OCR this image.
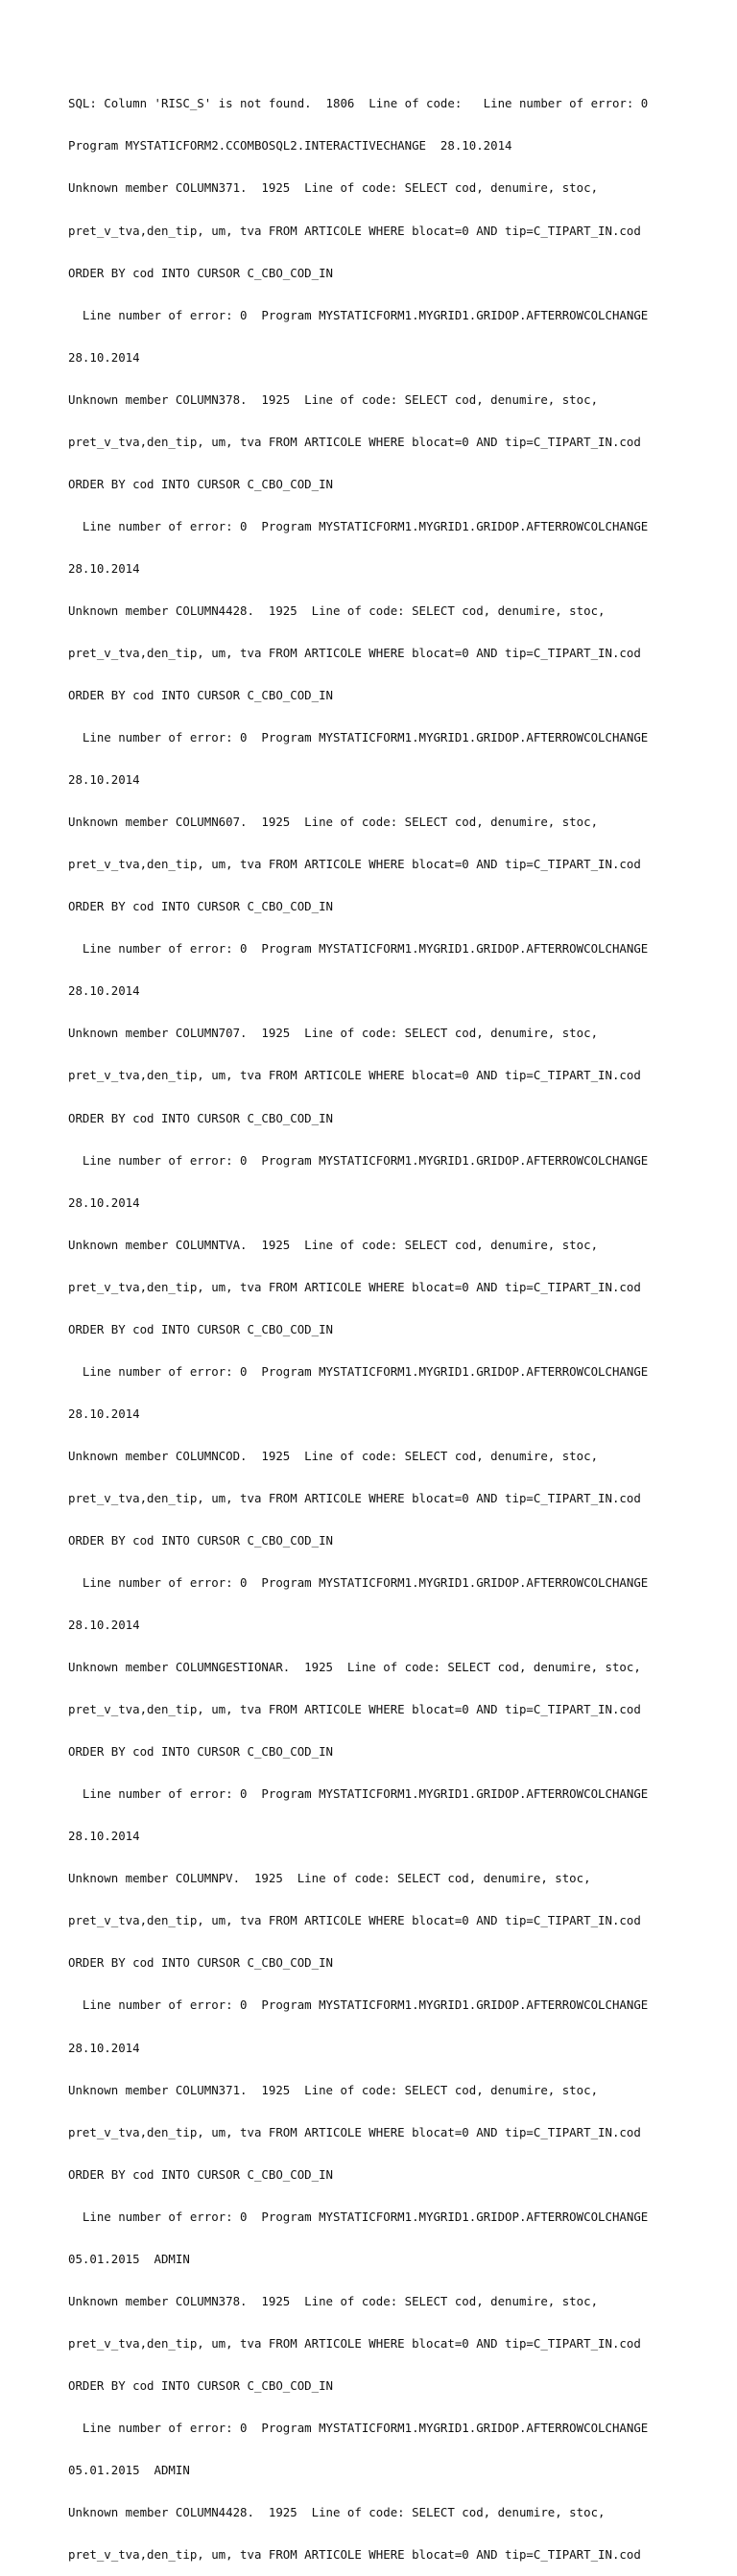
SQL: Column 'RISC_S' is not found.  1806  Line of code:   Line number of error: 0

Program MYSTATICFORM2.CCOMBOSQL2.INTERACTIVECHANGE  28.10.2014

Unknown member COLUMN371.  1925  Line of code: SELECT cod, denumire, stoc,

pret_v_tva,den_tip, um, tva FROM ARTICOLE WHERE blocat=0 AND tip=C_TIPART_IN.cod

ORDER BY cod INTO CURSOR C_CBO_COD_IN

Line number of error: 0  Program MYSTATICFORM1.MYGRID1.GRIDOP.AFTERROWCOLCHANGE

28.10.2014

Unknown member COLUMN378.  1925  Line of code: SELECT cod, denumire, stoc,

pret_v_tva,den_tip, um, tva FROM ARTICOLE WHERE blocat=0 AND tip=C_TIPART_IN.cod

ORDER BY cod INTO CURSOR C_CBO_COD_IN

Line number of error: 0  Program MYSTATICFORM1.MYGRID1.GRIDOP.AFTERROWCOLCHANGE

28.10.2014

Unknown member COLUMN4428.  1925  Line of code: SELECT cod, denumire, stoc,

pret_v_tva,den_tip, um, tva FROM ARTICOLE WHERE blocat=0 AND tip=C_TIPART_IN.cod

ORDER BY cod INTO CURSOR C_CBO_COD_IN

Line number of error: 0  Program MYSTATICFORM1.MYGRID1.GRIDOP.AFTERROWCOLCHANGE

28.10.2014

Unknown member COLUMN607.  1925  Line of code: SELECT cod, denumire, stoc,

pret_v_tva,den_tip, um, tva FROM ARTICOLE WHERE blocat=0 AND tip=C_TIPART_IN.cod

ORDER BY cod INTO CURSOR C_CBO_COD_IN

Line number of error: 0  Program MYSTATICFORM1.MYGRID1.GRIDOP.AFTERROWCOLCHANGE

28.10.2014

Unknown member COLUMN707.  1925  Line of code: SELECT cod, denumire, stoc,

pret_v_tva,den_tip, um, tva FROM ARTICOLE WHERE blocat=0 AND tip=C_TIPART_IN.cod

ORDER BY cod INTO CURSOR C_CBO_COD_IN

Line number of error: 0  Program MYSTATICFORM1.MYGRID1.GRIDOP.AFTERROWCOLCHANGE

28.10.2014

Unknown member COLUMNTVA.  1925  Line of code: SELECT cod, denumire, stoc,

pret_v_tva,den_tip, um, tva FROM ARTICOLE WHERE blocat=0 AND tip=C_TIPART_IN.cod

ORDER BY cod INTO CURSOR C_CBO_COD_IN

Line number of error: 0  Program MYSTATICFORM1.MYGRID1.GRIDOP.AFTERROWCOLCHANGE

28.10.2014

Unknown member COLUMNCOD.  1925  Line of code: SELECT cod, denumire, stoc,

pret_v_tva,den_tip, um, tva FROM ARTICOLE WHERE blocat=0 AND tip=C_TIPART_IN.cod

ORDER BY cod INTO CURSOR C_CBO_COD_IN

Line number of error: 0  Program MYSTATICFORM1.MYGRID1.GRIDOP.AFTERROWCOLCHANGE

28.10.2014

Unknown member COLUMNGESTIONAR.  1925  Line of code: SELECT cod, denumire, stoc,

pret_v_tva,den_tip, um, tva FROM ARTICOLE WHERE blocat=0 AND tip=C_TIPART_IN.cod

ORDER BY cod INTO CURSOR C_CBO_COD_IN

Line number of error: 0  Program MYSTATICFORM1.MYGRID1.GRIDOP.AFTERROWCOLCHANGE

28.10.2014

Unknown member COLUMNPV.  1925  Line of code: SELECT cod, denumire, stoc,

pret_v_tva,den_tip, um, tva FROM ARTICOLE WHERE blocat=0 AND tip=C_TIPART_IN.cod

ORDER BY cod INTO CURSOR C_CBO_COD_IN

Line number of error: 0  Program MYSTATICFORM1.MYGRID1.GRIDOP.AFTERROWCOLCHANGE

28.10.2014

Unknown member COLUMN371.  1925  Line of code: SELECT cod, denumire, stoc,

pret_v_tva,den_tip, um, tva FROM ARTICOLE WHERE blocat=0 AND tip=C_TIPART_IN.cod

ORDER BY cod INTO CURSOR C_CBO_COD_IN

Line number of error: 0  Program MYSTATICFORM1.MYGRID1.GRIDOP.AFTERROWCOLCHANGE

05.01.2015  ADMIN

Unknown member COLUMN378.  1925  Line of code: SELECT cod, denumire, stoc,

pret_v_tva,den_tip, um, tva FROM ARTICOLE WHERE blocat=0 AND tip=C_TIPART_IN.cod

ORDER BY cod INTO CURSOR C_CBO_COD_IN

Line number of error: 0  Program MYSTATICFORM1.MYGRID1.GRIDOP.AFTERROWCOLCHANGE

05.01.2015  ADMIN

Unknown member COLUMN4428.  1925  Line of code: SELECT cod, denumire, stoc,

pret_v_tva,den_tip, um, tva FROM ARTICOLE WHERE blocat=0 AND tip=C_TIPART_IN.cod
